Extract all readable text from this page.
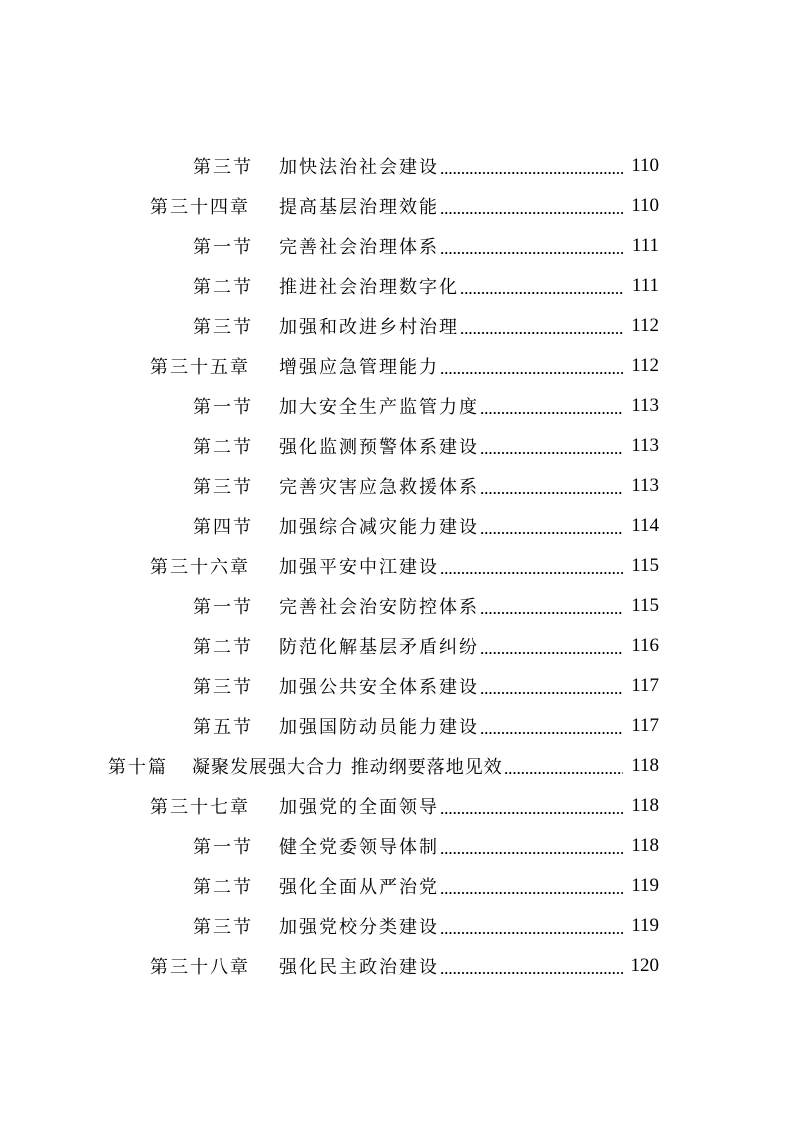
第三节	加快法治社会建设	110
第三十四章	提高基层治理效能	110
第一节	完善社会治理体系	111
第二节	推进社会治理数字化	111
第三节	加强和改进乡村治理	112
第三十五章	增强应急管理能力	112
第一节	加大安全生产监管力度	113
第二节	强化监测预警体系建设	113
第三节	完善灾害应急救援体系	113
第四节	加强综合减灾能力建设	114
第三十六章	加强平安中江建设	115
第一节	完善社会治安防控体系	115
第二节	防范化解基层矛盾纠纷	116
第三节	加强公共安全体系建设	117
第五节	加强国防动员能力建设	117
第十篇	凝聚发展强大合力 推动纲要落地见效	118
第三十七章	加强党的全面领导	118
第一节	健全党委领导体制	118
第二节	强化全面从严治党	119
第三节	加强党校分类建设	119
第三十八章	强化民主政治建设	120
